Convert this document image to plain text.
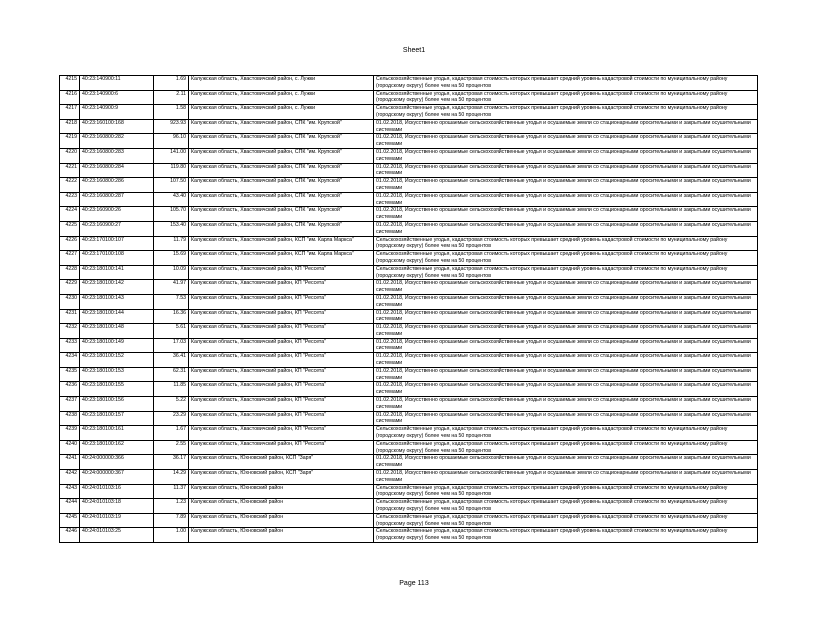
Sheet1
4215	40:23:140900:11	1.69	Калужская область, Хвастовичский район, с. Лужки	Сельскохозяйственные угодья, кадастровая стоимость которых превышает средний уровень кадастровой стоимости по муниципальному району (городскому округу) более чем на 50 процентов
4216	40:23:140900:6	2.11	Калужская область, Хвастовичский район, с. Лужки	Сельскохозяйственные угодья, кадастровая стоимость которых превышает средний уровень кадастровой стоимости по муниципальному району (городскому округу) более чем на 50 процентов
4217	40:23:140900:9	1.58	Калужская область, Хвастовичский район, с. Лужки	Сельскохозяйственные угодья, кадастровая стоимость которых превышает средний уровень кадастровой стоимости по муниципальному району (городскому округу) более чем на 50 процентов
4218	40:23:160100:168	923.93	Калужская область, Хвастовичский район, СПК "им. Крупской"	01.02.2018, Искусственно орошаемые сельскохозяйственные угодья и осушаемые земли со стационарными оросительными и закрытыми осушительными системами
4219	40:23:160800:282	96.10	Калужская область, Хвастовичский район, СПК "им. Крупской"	01.02.2018, Искусственно орошаемые сельскохозяйственные угодья и осушаемые земли со стационарными оросительными и закрытыми осушительными системами
4220	40:23:160800:283	141.00	Калужская область, Хвастовичский район, СПК "им. Крупской"	01.02.2018, Искусственно орошаемые сельскохозяйственные угодья и осушаемые земли со стационарными оросительными и закрытыми осушительными системами
4221	40:23:160800:284	119.80	Калужская область, Хвастовичский район, СПК "им. Крупской"	01.02.2018, Искусственно орошаемые сельскохозяйственные угодья и осушаемые земли со стационарными оросительными и закрытыми осушительными системами
4222	40:23:160800:286	107.50	Калужская область, Хвастовичский район, СПК "им. Крупской"	01.02.2018, Искусственно орошаемые сельскохозяйственные угодья и осушаемые земли со стационарными оросительными и закрытыми осушительными системами
4223	40:23:160800:287	43.40	Калужская область, Хвастовичский район, СПК "им. Крупской"	01.02.2018, Искусственно орошаемые сельскохозяйственные угодья и осушаемые земли со стационарными оросительными и закрытыми осушительными системами
4224	40:23:160900:26	105.70	Калужская область, Хвастовичский район, СПК "им. Крупской"	01.02.2018, Искусственно орошаемые сельскохозяйственные угодья и осушаемые земли со стационарными оросительными и закрытыми осушительными системами
4225	40:23:160900:27	153.40	Калужская область, Хвастовичский район, СПК "им. Крупской"	01.02.2018, Искусственно орошаемые сельскохозяйственные угодья и осушаемые земли со стационарными оросительными и закрытыми осушительными системами
4226	40:23:170100:107	11.79	Калужская область, Хвастовичский район, КСП "им. Карла Маркса"	Сельскохозяйственные угодья, кадастровая стоимость которых превышает средний уровень кадастровой стоимости по муниципальному району (городскому округу) более чем на 50 процентов
4227	40:23:170100:108	15.69	Калужская область, Хвастовичский район, КСП "им. Карла Маркса"	Сельскохозяйственные угодья, кадастровая стоимость которых превышает средний уровень кадастровой стоимости по муниципальному району (городскому округу) более чем на 50 процентов
4228	40:23:180100:141	10.09	Калужская область, Хвастовичский район, КП "Рессета"	Сельскохозяйственные угодья, кадастровая стоимость которых превышает средний уровень кадастровой стоимости по муниципальному району (городскому округу) более чем на 50 процентов
4229	40:23:180100:142	41.97	Калужская область, Хвастовичский район, КП "Рессета"	01.02.2018, Искусственно орошаемые сельскохозяйственные угодья и осушаемые земли со стационарными оросительными и закрытыми осушительными системами
4230	40:23:180100:143	7.53	Калужская область, Хвастовичский район, КП "Рессета"	01.02.2018, Искусственно орошаемые сельскохозяйственные угодья и осушаемые земли со стационарными оросительными и закрытыми осушительными системами
4231	40:23:180100:144	16.36	Калужская область, Хвастовичский район, КП "Рессета"	01.02.2018, Искусственно орошаемые сельскохозяйственные угодья и осушаемые земли со стационарными оросительными и закрытыми осушительными системами
4232	40:23:180100:148	5.61	Калужская область, Хвастовичский район, КП "Рессета"	01.02.2018, Искусственно орошаемые сельскохозяйственные угодья и осушаемые земли со стационарными оросительными и закрытыми осушительными системами
4233	40:23:180100:149	17.03	Калужская область, Хвастовичский район, КП "Рессета"	01.02.2018, Искусственно орошаемые сельскохозяйственные угодья и осушаемые земли со стационарными оросительными и закрытыми осушительными системами
4234	40:23:180100:152	36.41	Калужская область, Хвастовичский район, КП "Рессета"	01.02.2018, Искусственно орошаемые сельскохозяйственные угодья и осушаемые земли со стационарными оросительными и закрытыми осушительными системами
4235	40:23:180100:153	62.31	Калужская область, Хвастовичский район, КП "Рессета"	01.02.2018, Искусственно орошаемые сельскохозяйственные угодья и осушаемые земли со стационарными оросительными и закрытыми осушительными системами
4236	40:23:180100:155	11.85	Калужская область, Хвастовичский район, КП "Рессета"	01.02.2018, Искусственно орошаемые сельскохозяйственные угодья и осушаемые земли со стационарными оросительными и закрытыми осушительными системами
4237	40:23:180100:156	5.22	Калужская область, Хвастовичский район, КП "Рессета"	01.02.2018, Искусственно орошаемые сельскохозяйственные угодья и осушаемые земли со стационарными оросительными и закрытыми осушительными системами
4238	40:23:180100:157	23.29	Калужская область, Хвастовичский район, КП "Рессета"	01.02.2018, Искусственно орошаемые сельскохозяйственные угодья и осушаемые земли со стационарными оросительными и закрытыми осушительными системами
4239	40:23:180100:161	1.67	Калужская область, Хвастовичский район, КП "Рессета"	Сельскохозяйственные угодья, кадастровая стоимость которых превышает средний уровень кадастровой стоимости по муниципальному району (городскому округу) более чем на 50 процентов
4240	40:23:180100:162	2.55	Калужская область, Хвастовичский район, КП "Рессета"	Сельскохозяйственные угодья, кадастровая стоимость которых превышает средний уровень кадастровой стоимости по муниципальному району (городскому округу) более чем на 50 процентов
4241	40:24:000000:366	36.17	Калужская область, Юхновский район, КСП "Заря"	01.02.2018, Искусственно орошаемые сельскохозяйственные угодья и осушаемые земли со стационарными оросительными и закрытыми осушительными системами
4242	40:24:000000:367	14.29	Калужская область, Юхновский район, КСП "Заря"	01.02.2018, Искусственно орошаемые сельскохозяйственные угодья и осушаемые земли со стационарными оросительными и закрытыми осушительными системами
4243	40:24:010103:16	11.37	Калужская область, Юхновский район	Сельскохозяйственные угодья, кадастровая стоимость которых превышает средний уровень кадастровой стоимости по муниципальному району (городскому округу) более чем на 50 процентов
4244	40:24:010103:18	1.23	Калужская область, Юхновский район	Сельскохозяйственные угодья, кадастровая стоимость которых превышает средний уровень кадастровой стоимости по муниципальному району (городскому округу) более чем на 50 процентов
4245	40:24:010103:19	7.89	Калужская область, Юхновский район	Сельскохозяйственные угодья, кадастровая стоимость которых превышает средний уровень кадастровой стоимости по муниципальному району (городскому округу) более чем на 50 процентов
4246	40:24:010103:25	1.00	Калужская область, Юхновский район	Сельскохозяйственные угодья, кадастровая стоимость которых превышает средний уровень кадастровой стоимости по муниципальному району (городскому округу) более чем на 50 процентов
Page 113
